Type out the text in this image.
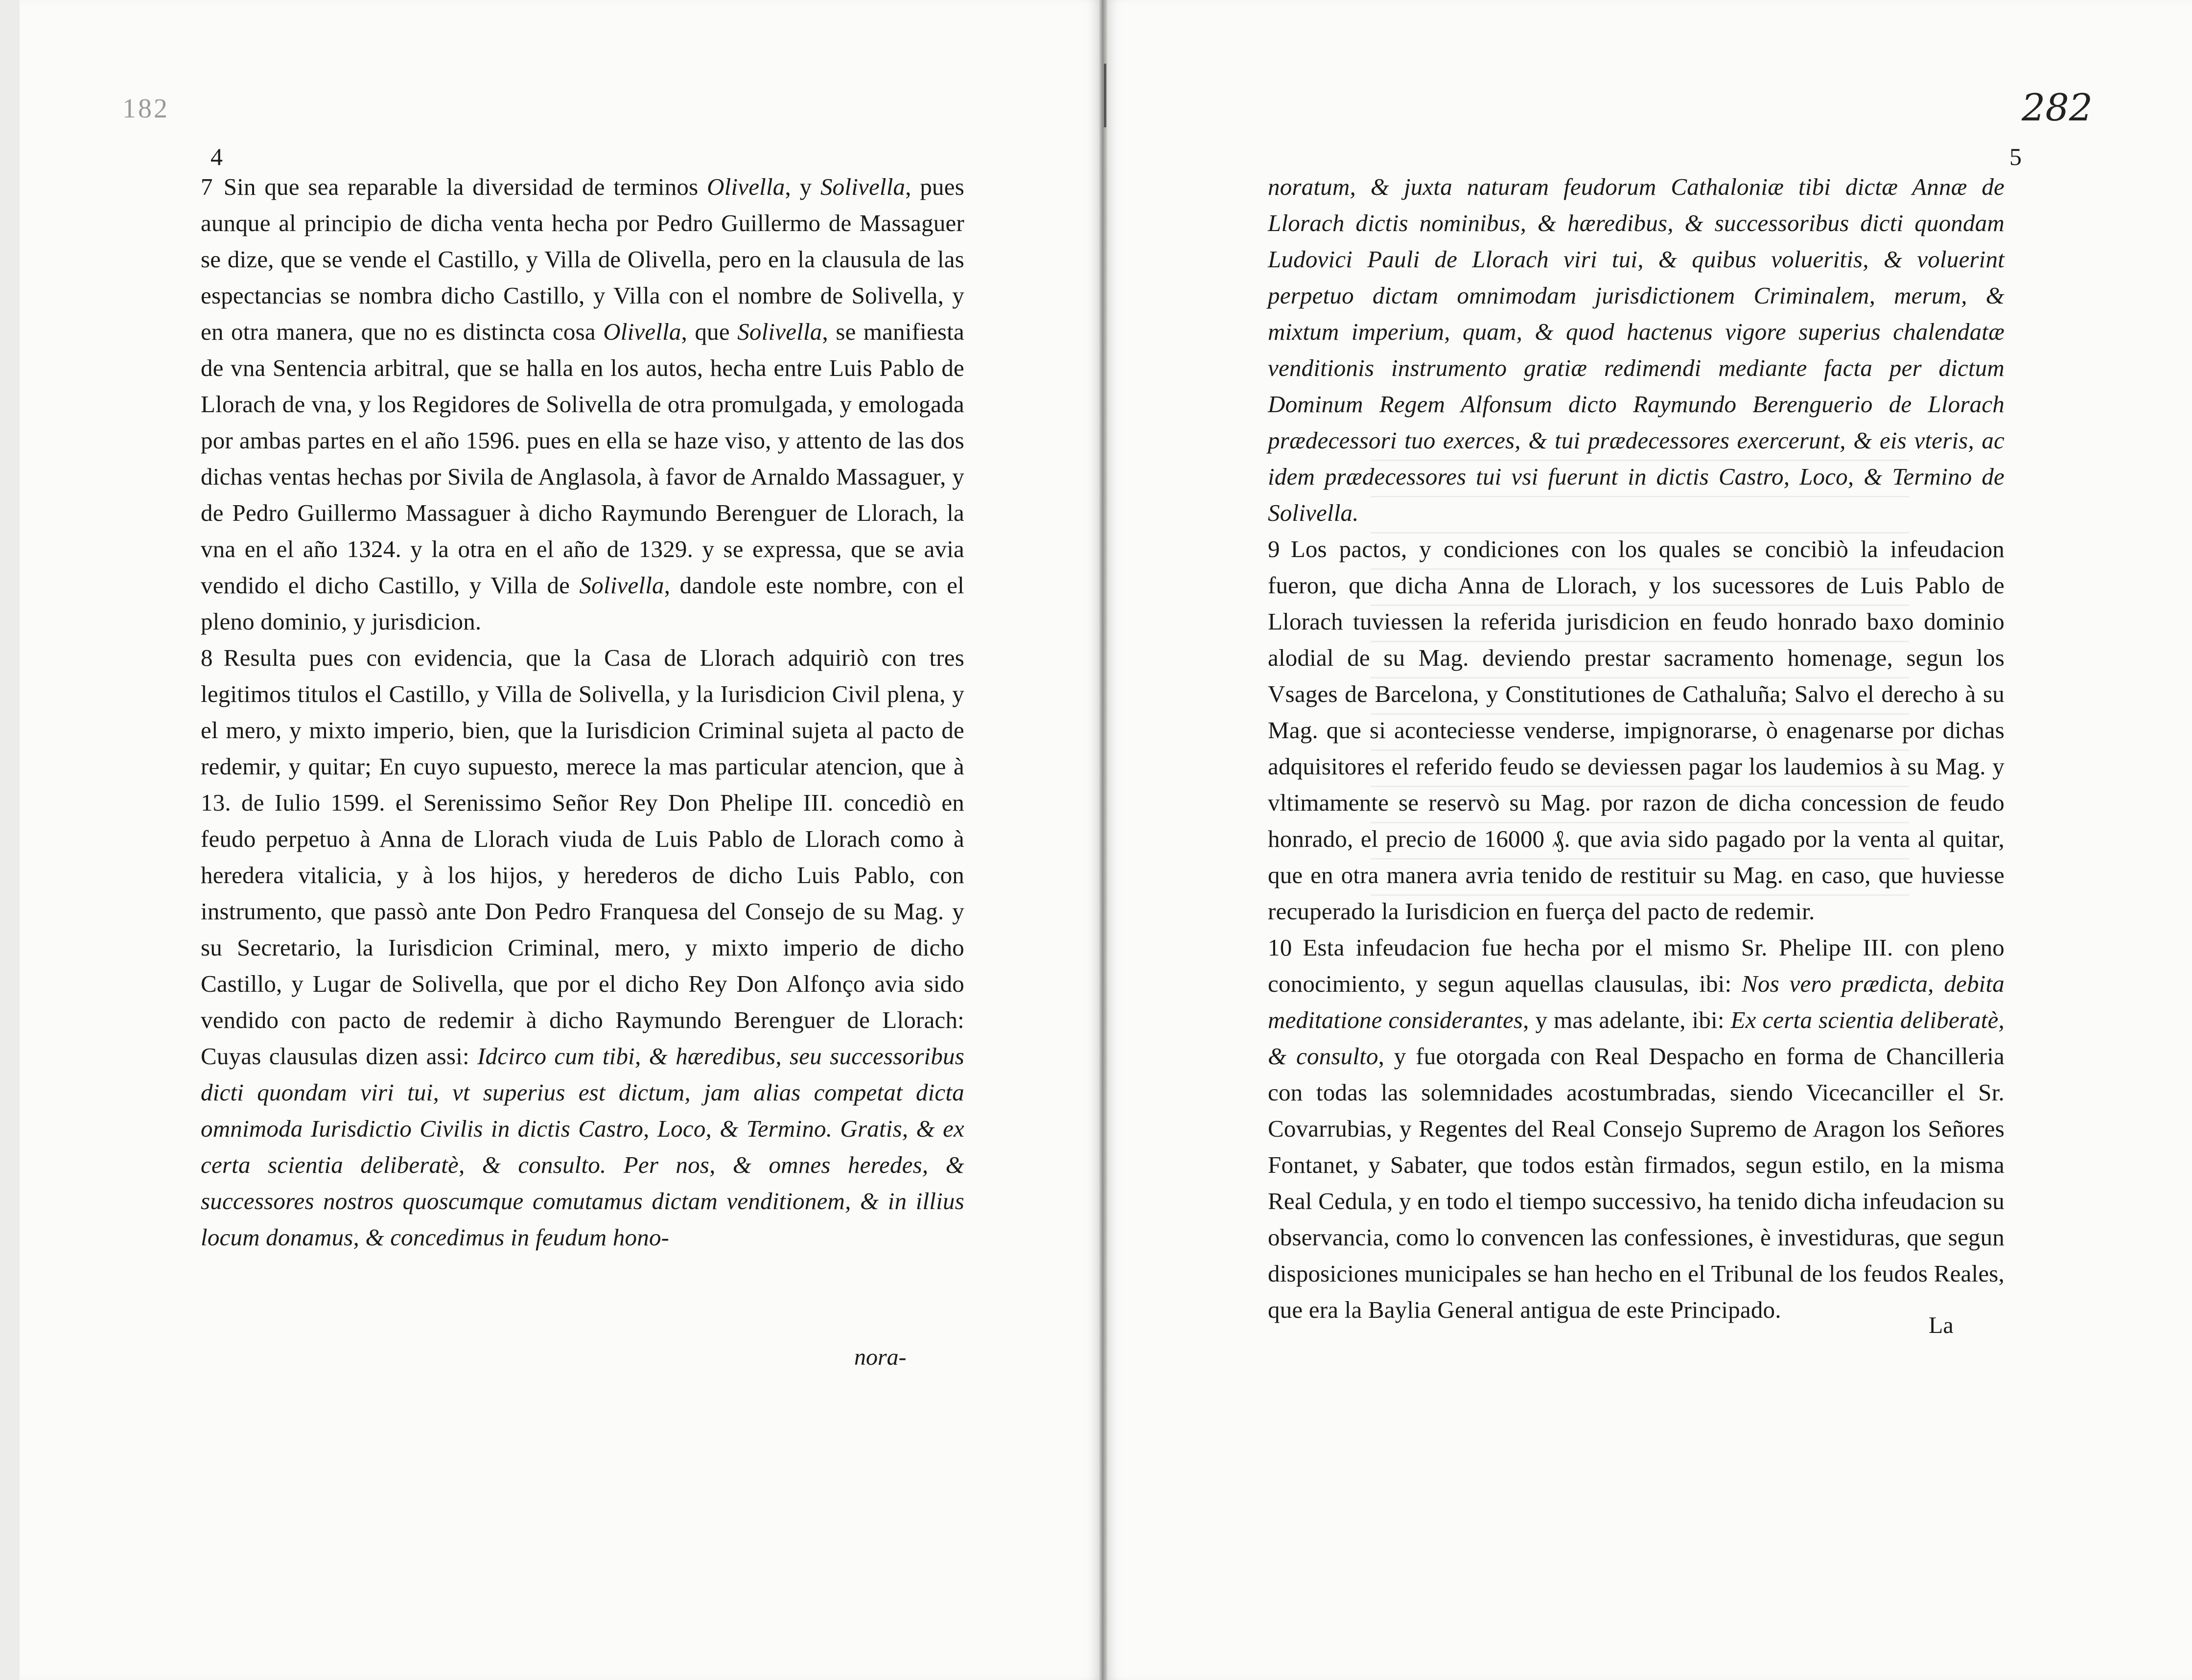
182
4

7 Sin que sea reparable la diversidad de terminos Olivella, y Solivella, pues aunque al principio de dicha venta hecha por Pedro Guillermo de Massaguer se dize, que se vende el Castillo, y Villa de Olivella, pero en la clausula de las espectancias se nombra dicho Castillo, y Villa con el nombre de Solivella, y en otra manera, que no es distincta cosa Olivella, que Solivella, se manifiesta de vna Sentencia arbitral, que se halla en los autos, hecha entre Luis Pablo de Llorach de vna, y los Regidores de Solivella de otra promulgada, y emologada por ambas partes en el año 1596. pues en ella se haze viso, y attento de las dos dichas ventas hechas por Sivila de Anglasola, à favor de Arnaldo Massaguer, y de Pedro Guillermo Massaguer à dicho Raymundo Berenguer de Llorach, la vna en el año 1324. y la otra en el año de 1329. y se expressa, que se avia vendido el dicho Castillo, y Villa de Solivella, dandole este nombre, con el pleno dominio, y jurisdicion.

8 Resulta pues con evidencia, que la Casa de Llorach adquiriò con tres legitimos titulos el Castillo, y Villa de Solivella, y la Iurisdicion Civil plena, y el mero, y mixto imperio, bien, que la Iurisdicion Criminal sujeta al pacto de redemir, y quitar; En cuyo supuesto, merece la mas particular atencion, que à 13. de Iulio 1599. el Serenissimo Señor Rey Don Phelipe III. concediò en feudo perpetuo à Anna de Llorach viuda de Luis Pablo de Llorach como à heredera vitalicia, y à los hijos, y herederos de dicho Luis Pablo, con instrumento, que passò ante Don Pedro Franquesa del Consejo de su Mag. y su Secretario, la Iurisdicion Criminal, mero, y mixto imperio de dicho Castillo, y Lugar de Solivella, que por el dicho Rey Don Alfonço avia sido vendido con pacto de redemir à dicho Raymundo Berenguer de Llorach: Cuyas clausulas dizen assi: Idcirco cum tibi, & hæredibus, seu successoribus dicti quondam viri tui, vt superius est dictum, jam alias competat dicta omnimoda Iurisdictio Civilis in dictis Castro, Loco, & Termino. Gratis, & ex certa scientia deliberatè, & consulto. Per nos, & omnes heredes, & successores nostros quoscumque comutamus dictam venditionem, & in illius locum donamus, & concedimus in feudum hono-

nora-
282
5

noratum, & juxta naturam feudorum Cathaloniæ tibi dictæ Annæ de Llorach dictis nominibus, & hæredibus, & successoribus dicti quondam Ludovici Pauli de Llorach viri tui, & quibus volueritis, & voluerint perpetuo dictam omnimodam jurisdictionem Criminalem, merum, & mixtum imperium, quam, & quod hactenus vigore superius chalendatæ venditionis instrumento gratiæ redimendi mediante facta per dictum Dominum Regem Alfonsum dicto Raymundo Berenguerio de Llorach prædecessori tuo exerces, & tui prædecessores exercerunt, & eis vteris, ac idem prædecessores tui vsi fuerunt in dictis Castro, Loco, & Termino de Solivella.

9 Los pactos, y condiciones con los quales se concibiò la infeudacion fueron, que dicha Anna de Llorach, y los sucessores de Luis Pablo de Llorach tuviessen la referida jurisdicion en feudo honrado baxo dominio alodial de su Mag. deviendo prestar sacramento homenage, segun los Vsages de Barcelona, y Constitutiones de Cathaluña; Salvo el derecho à su Mag. que si aconteciesse venderse, impignorarse, ò enagenarse por dichas adquisitores el referido feudo se deviessen pagar los laudemios à su Mag. y vltimamente se reservò su Mag. por razon de dicha concession de feudo honrado, el precio de 16000 ₰. que avia sido pagado por la venta al quitar, que en otra manera avria tenido de restituir su Mag. en caso, que huviesse recuperado la Iurisdicion en fuerça del pacto de redemir.

10 Esta infeudacion fue hecha por el mismo Sr. Phelipe III. con pleno conocimiento, y segun aquellas clausulas, ibi: Nos vero prædicta, debita meditatione considerantes, y mas adelante, ibi: Ex certa scientia deliberatè, & consulto, y fue otorgada con Real Despacho en forma de Chancilleria con todas las solemnidades acostumbradas, siendo Vicecanciller el Sr. Covarrubias, y Regentes del Real Consejo Supremo de Aragon los Señores Fontanet, y Sabater, que todos estàn firmados, segun estilo, en la misma Real Cedula, y en todo el tiempo successivo, ha tenido dicha infeudacion su observancia, como lo convencen las confessiones, è investiduras, que segun disposiciones municipales se han hecho en el Tribunal de los feudos Reales, que era la Baylia General antigua de este Principado.

La
